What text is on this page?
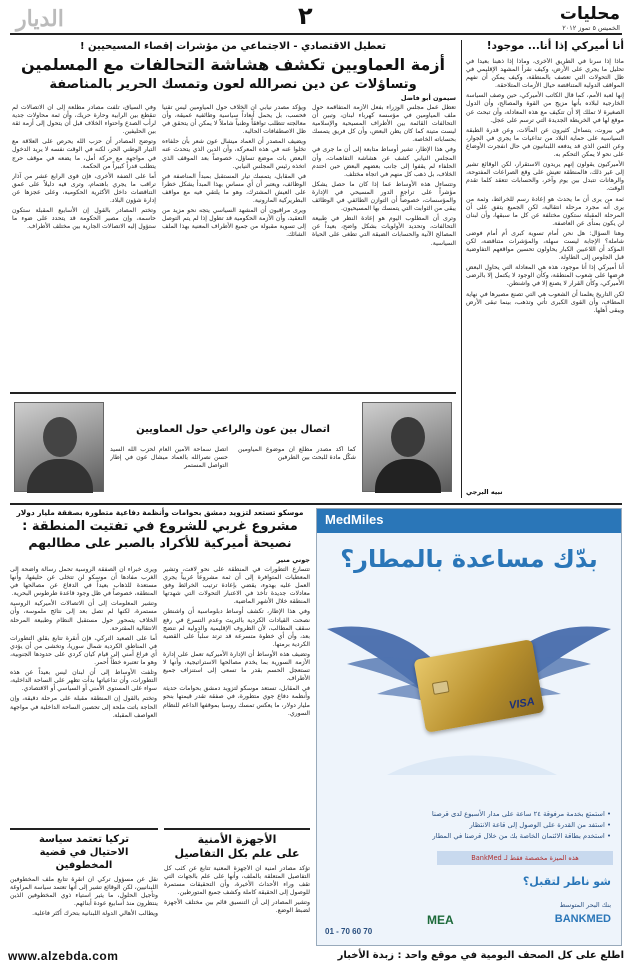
الديار	٢	محليات
الخميس ٥ تموز ٢٠١٢
أنا أميركي إذا أنا... موجود!

ماذا إذا سرنا في الطريق الأخرى، وماذا إذا ذهبنا بعيداً في تحليل ما يجري على الأرض، وكيف نقرأ المشهد الإقليمي في ظل التحولات التي تعصف بالمنطقة، وكيف يمكن أن نفهم المواقف الدولية المتناقضة حيال الأزمات المتلاحقة.

إنها لعبة الأمم، كما قال الكاتب الأميركي، حين وصف السياسة الخارجية لبلاده بأنها مزيج من القوة والمصالح، وأن الدول الصغيرة لا تملك إلا أن تتكيف مع هذه المعادلة، وأن تبحث عن موقع لها في الخريطة الجديدة التي ترسم على عجل.

في بيروت، يتساءل كثيرون عن المآلات، وعن قدرة الطبقة السياسية على حماية البلاد من تداعيات ما يجري في الجوار، وعن الثمن الذي قد يدفعه اللبنانيون في حال انفجرت الأوضاع على نحو لا يمكن التحكم به.

الأميركيون يقولون إنهم يريدون الاستقرار، لكن الوقائع تشير إلى غير ذلك، فالمنطقة تعيش على وقع الصراعات المفتوحة، والرهانات تتبدل بين يوم وآخر، والحسابات تتعقد كلما تقدم الوقت.

ثمة من يرى أن ما يحدث هو إعادة رسم للخرائط، وثمة من يرى أنه مجرد مرحلة انتقالية، لكن الجميع يتفق على أن المرحلة المقبلة ستكون مختلفة عن كل ما سبقها، وأن لبنان لن يكون بمنأى عن العاصفة.

وهنا السؤال: هل نحن أمام تسوية كبرى أم أمام فوضى شاملة؟ الإجابة ليست سهلة، والمؤشرات متناقضة، لكن المؤكد أن اللاعبين الكبار يحاولون تحسين مواقعهم التفاوضية قبل الجلوس إلى الطاولة.

أنا أميركي إذا أنا موجود، هذه هي المعادلة التي يحاول البعض فرضها على شعوب المنطقة، وكأن الوجود لا يكتمل إلا بالرضى الأميركي، وكأن القرار لا يصنع إلا في واشنطن.

لكن التاريخ يعلمنا أن الشعوب هي التي تصنع مصيرها في نهاية المطاف، وأن القوى الكبرى تأتي وتذهب، بينما تبقى الأرض ويبقى أهلها.

نبيه البرجي
تعطيل الاقتصادي - الاجتماعي من مؤشرات إقصاء المسيحيين !
أزمة العماويين تكشف هشاشة التحالفات مع المسلمين
وتساؤلات عن دين نصرالله لعون وتمسك الحرير بالمناصفة
سيمون أبو فاضل

تعطل عمل مجلس الوزراء بفعل الأزمة المتفاقمة حول ملف المياومين في مؤسسة كهرباء لبنان، وتبين أن التحالفات القائمة بين الأطراف المسيحية والإسلامية ليست متينة كما كان يظن البعض، وأن كل فريق يتمسك بحساباته الخاصة.

وفي هذا الإطار، تشير أوساط متابعة إلى أن ما جرى في المجلس النيابي كشف عن هشاشة التفاهمات، وأن الحلفاء لم يقفوا إلى جانب بعضهم البعض حين احتدم الخلاف، بل ذهب كل منهم في اتجاه مختلف.

وتتساءل هذه الأوساط عما إذا كان ما حصل يشكل مؤشراً على تراجع الدور المسيحي في الإدارة والمؤسسات، خصوصاً أن التوازن الطائفي في الوظائف يبقى من الثوابت التي يتمسك بها المسيحيون.

وترى أن المطلوب اليوم هو إعادة النظر في طبيعة التحالفات، وتحديد الأولويات بشكل واضح، بعيداً عن المصالح الآنية والحسابات الضيقة التي تطغى على الحياة السياسية.

ويؤكد مصدر نيابي أن الخلاف حول المياومين ليس تقنياً فحسب، بل يحمل أبعاداً سياسية وطائفية عميقة، وأن معالجته تتطلب توافقاً وطنياً شاملاً لا يمكن أن يتحقق في ظل الاصطفافات الحالية.

ويضيف المصدر أن العماد ميشال عون شعر بأن حلفاءه تخلوا عنه في هذه المعركة، وأن الدين الذي يتحدث عنه البعض بات موضع تساؤل، خصوصاً بعد الموقف الذي اتخذه رئيس المجلس النيابي.

في المقابل، يتمسك تيار المستقبل بمبدأ المناصفة في الوظائف، ويعتبر أن أي مساس بهذا المبدأ يشكل خطراً على العيش المشترك، وهو ما يلتقي فيه مع مواقف البطريركية المارونية.

ويرى مراقبون أن المشهد السياسي يتجه نحو مزيد من التعقيد، وأن الأزمة الحكومية قد تطول إذا لم يتم التوصل إلى تسوية مقبولة من جميع الأطراف المعنية بهذا الملف الشائك.

وفي السياق، تلفت مصادر مطلعة إلى أن الاتصالات لم تنقطع بين الرابية وحارة حريك، وأن ثمة محاولات جدية لرأب الصدع واحتواء الخلاف قبل أن يتحول إلى أزمة ثقة بين الحليفين.

وتوضح المصادر أن حزب الله يحرص على العلاقة مع التيار الوطني الحر، لكنه في الوقت نفسه لا يريد الدخول في مواجهة مع حركة أمل، ما يضعه في موقف حرج يتطلب قدراً كبيراً من الحكمة.

أما على الضفة الأخرى، فإن قوى الرابع عشر من آذار تراقب ما يجري باهتمام، وترى فيه دليلاً على عمق التناقضات داخل الأكثرية الحكومية، وعلى عجزها عن إدارة شؤون البلاد.

وتختم المصادر بالقول إن الأسابيع المقبلة ستكون حاسمة، وإن مصير الحكومة قد يتحدد على ضوء ما ستؤول إليه الاتصالات الجارية بين مختلف الأطراف.

اتصال بين عون والراعي حول العماويين
اتصل سماحة الأمين العام لحزب الله السيد حسن نصرالله بالعماد ميشال عون في إطار التواصل المستمر
كما أكد مصدر مطلع أن موضوع المياومين شكّل مادة للبحث بين الطرفين
موسكو تستعد لتزويد دمشق بحوامات وأنظمة دفاعية متطورة بصفقة مليار دولار
مشروع غربي للشروع في تفتيت المنطقة :
نصيحة أميركية للأكراد بالصبر على مطالبهم
جوني منير

تتسارع التطورات في المنطقة على نحو لافت، وتشير المعطيات المتوافرة إلى أن ثمة مشروعاً غربياً يجري العمل عليه بهدوء، يقضي بإعادة ترتيب الخرائط وفق معادلات جديدة تأخذ في الاعتبار التحولات التي شهدتها المنطقة خلال الأشهر الماضية.

وفي هذا الإطار، تكشف أوساط دبلوماسية أن واشنطن نصحت القيادات الكردية بالتريث وعدم التسرع في رفع سقف المطالب، لأن الظروف الإقليمية والدولية لم تنضج بعد، وأن أي خطوة متسرعة قد ترتد سلباً على القضية الكردية برمتها.

وتضيف هذه الأوساط أن الإدارة الأميركية تعمل على إدارة الأزمة السورية بما يخدم مصالحها الاستراتيجية، وأنها لا تستعجل الحسم بقدر ما تسعى إلى استنزاف جميع الأطراف.

في المقابل، تستعد موسكو لتزويد دمشق بحوامات حديثة وأنظمة دفاع جوي متطورة، في صفقة تقدر قيمتها بنحو مليار دولار، ما يعكس تمسك روسيا بموقفها الداعم للنظام السوري.

ويرى خبراء أن الصفقة الروسية تحمل رسالة واضحة إلى الغرب مفادها أن موسكو لن تتخلى عن حليفها، وأنها مستعدة للذهاب بعيداً في الدفاع عن مصالحها في المنطقة، خصوصاً في ظل وجود قاعدة طرطوس البحرية.

وتشير المعلومات إلى أن الاتصالات الأميركية الروسية مستمرة، لكنها لم تصل بعد إلى نتائج ملموسة، وأن الخلاف يتمحور حول مستقبل النظام وطبيعة المرحلة الانتقالية المقترحة.

أما على الصعيد التركي، فإن أنقرة تتابع بقلق التطورات في المناطق الكردية شمال سوريا، وتخشى من أن يؤدي أي فراغ أمني إلى قيام كيان كردي على حدودها الجنوبية، وهو ما تعتبره خطاً أحمر.

وتلفت الأوساط إلى أن لبنان ليس بعيداً عن هذه التطورات، وأن تداعياتها بدأت تظهر على الساحة الداخلية، سواء على المستوى الأمني أو السياسي أو الاقتصادي.

وتختم بالقول إن المنطقة مقبلة على مرحلة دقيقة، وإن الحاجة باتت ملحة إلى تحصين الساحة الداخلية في مواجهة العواصف المقبلة.

MedMiles
بدّك مساعدة بالمطار؟
VISA
• استمتع بخدمة مرفوقة ٢٤ ساعة على مدار الأسبوع لدى قرصنا
• استفد من القدرة على الوصول إلى قاعة الانتظار
• استخدم بطاقة الائتمان الخاصة بك من خلال قرصنا في المطار
هذه الميزة مخصصة فقط لـ BankMed
شو ناطر لتقبل؟
01 - 70 60 70
MEA	BANKMED
بنك البحر المتوسط
الأجهزة الأمنية
على علم بكل التفاصيل

تؤكد مصادر أمنية أن الأجهزة المعنية تتابع عن كثب كل التفاصيل المتعلقة بالملف، وأنها على علم بالجهات التي تقف وراء الأحداث الأخيرة، وأن التحقيقات مستمرة للوصول إلى الحقيقة كاملة وكشف جميع المتورطين.

وتشير المصادر إلى أن التنسيق قائم بين مختلف الأجهزة لضبط الوضع.

تركيا تعتمد سياسة
الاحتيال في قضية المخطوفين

نقل عن مسؤول تركي أن أنقرة تتابع ملف المخطوفين اللبنانيين، لكن الوقائع تشير إلى أنها تعتمد سياسة المراوغة وتأجيل الحلول، ما يثير استياء ذوي المخطوفين الذين ينتظرون منذ أسابيع عودة أبنائهم.

ويطالب الأهالي الدولة اللبنانية بتحرك أكثر فاعلية.

www.alzebda.com	اطلع على كل الصحف اليومية في موقع واحد : زبدة الأخبار
